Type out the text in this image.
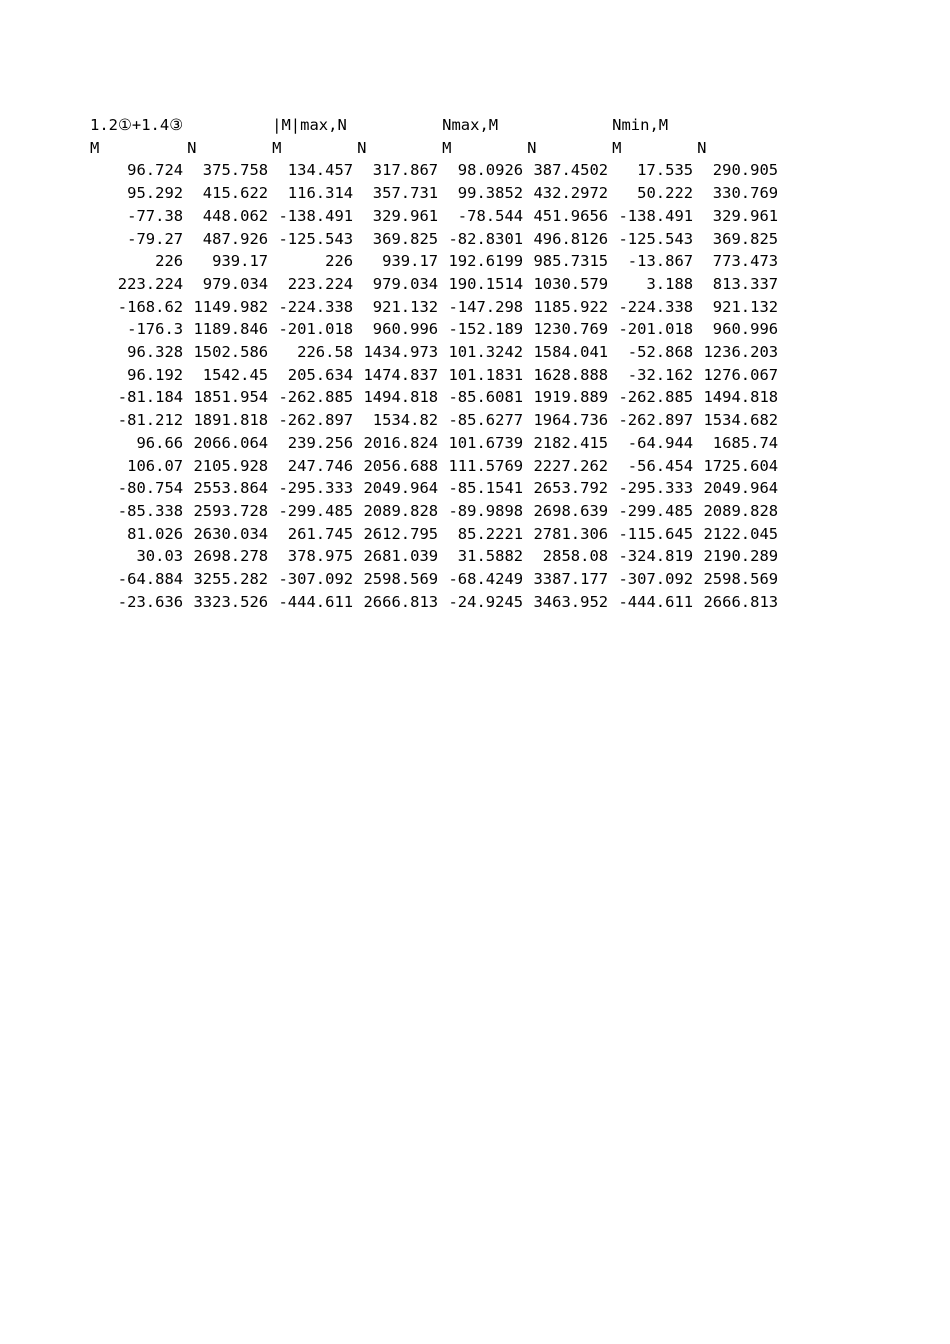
1.2①+1.4③		|M|max,N		Nmax,M		Nmin,M	
M	N	M	N	M	N	M	N
96.724	375.758	134.457	317.867	98.0926	387.4502	17.535	290.905
95.292	415.622	116.314	357.731	99.3852	432.2972	50.222	330.769
-77.38	448.062	-138.491	329.961	-78.544	451.9656	-138.491	329.961
-79.27	487.926	-125.543	369.825	-82.8301	496.8126	-125.543	369.825
226	939.17	226	939.17	192.6199	985.7315	-13.867	773.473
223.224	979.034	223.224	979.034	190.1514	1030.579	3.188	813.337
-168.62	1149.982	-224.338	921.132	-147.298	1185.922	-224.338	921.132
-176.3	1189.846	-201.018	960.996	-152.189	1230.769	-201.018	960.996
96.328	1502.586	226.58	1434.973	101.3242	1584.041	-52.868	1236.203
96.192	1542.45	205.634	1474.837	101.1831	1628.888	-32.162	1276.067
-81.184	1851.954	-262.885	1494.818	-85.6081	1919.889	-262.885	1494.818
-81.212	1891.818	-262.897	1534.82	-85.6277	1964.736	-262.897	1534.682
96.66	2066.064	239.256	2016.824	101.6739	2182.415	-64.944	1685.74
106.07	2105.928	247.746	2056.688	111.5769	2227.262	-56.454	1725.604
-80.754	2553.864	-295.333	2049.964	-85.1541	2653.792	-295.333	2049.964
-85.338	2593.728	-299.485	2089.828	-89.9898	2698.639	-299.485	2089.828
81.026	2630.034	261.745	2612.795	85.2221	2781.306	-115.645	2122.045
30.03	2698.278	378.975	2681.039	31.5882	2858.08	-324.819	2190.289
-64.884	3255.282	-307.092	2598.569	-68.4249	3387.177	-307.092	2598.569
-23.636	3323.526	-444.611	2666.813	-24.9245	3463.952	-444.611	2666.813
